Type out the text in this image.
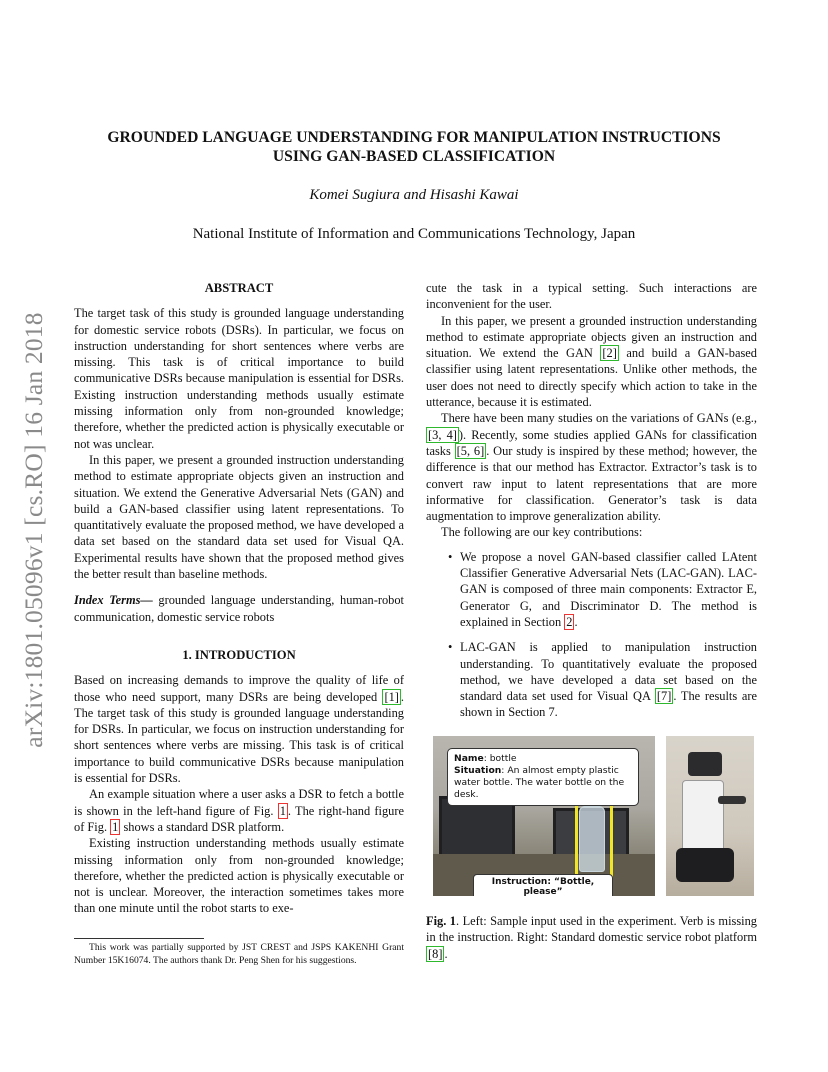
arXiv:1801.05096v1 [cs.RO] 16 Jan 2018
GROUNDED LANGUAGE UNDERSTANDING FOR MANIPULATION INSTRUCTIONS
USING GAN-BASED CLASSIFICATION
Komei Sugiura and Hisashi Kawai
National Institute of Information and Communications Technology, Japan
ABSTRACT

The target task of this study is grounded language understanding for domestic service robots (DSRs). In particular, we focus on instruction understanding for short sentences where verbs are missing. This task is of critical importance to build communicative DSRs because manipulation is essential for DSRs. Existing instruction understanding methods usually estimate missing information only from non-grounded knowledge; therefore, whether the predicted action is physically executable or not was unclear.

In this paper, we present a grounded instruction understanding method to estimate appropriate objects given an instruction and situation. We extend the Generative Adversarial Nets (GAN) and build a GAN-based classifier using latent representations. To quantitatively evaluate the proposed method, we have developed a data set based on the standard data set used for Visual QA. Experimental results have shown that the proposed method gives the better result than baseline methods.

Index Terms— grounded language understanding, human-robot communication, domestic service robots

1. INTRODUCTION

Based on increasing demands to improve the quality of life of those who need support, many DSRs are being developed [1] . The target task of this study is grounded language understanding for DSRs. In particular, we focus on instruction understanding for short sentences where verbs are missing. This task is of critical importance to build communicative DSRs because manipulation is essential for DSRs.

An example situation where a user asks a DSR to fetch a bottle is shown in the left-hand figure of Fig. 1 . The right-hand figure of Fig. 1 shows a standard DSR platform.

Existing instruction understanding methods usually estimate missing information only from non-grounded knowledge; therefore, whether the predicted action is physically executable or not is unclear. Moreover, the interaction sometimes takes more than one minute until the robot starts to exe-

This work was partially supported by JST CREST and JSPS KAKENHI Grant Number 15K16074. The authors thank Dr. Peng Shen for his suggestions.

cute the task in a typical setting. Such interactions are inconvenient for the user.

In this paper, we present a grounded instruction understanding method to estimate appropriate objects given an instruction and situation. We extend the GAN [2] and build a GAN-based classifier using latent representations. Unlike other methods, the user does not need to directly specify which action to take in the utterance, because it is estimated.

There have been many studies on the variations of GANs (e.g., [3, 4] ). Recently, some studies applied GANs for classification tasks [5, 6] . Our study is inspired by these method; however, the difference is that our method has Extractor. Extractor’s task is to convert raw input to latent representations that are more informative for classification. Generator’s task is data augmentation to improve generalization ability.

The following are our key contributions:

• We propose a novel GAN-based classifier called LAtent Classifier Generative Adversarial Nets (LAC-GAN). LAC-GAN is composed of three main components: Extractor E, Generator G, and Discriminator D. The method is explained in Section 2 .
• LAC-GAN is applied to manipulation instruction understanding. To quantitatively evaluate the proposed method, we have developed a data set based on the standard data set used for Visual QA [7] . The results are shown in Section 7.
Name: bottle
Situation: An almost empty plastic water bottle. The water bottle on the desk.
Instruction: “Bottle, please”
Fig. 1. Left: Sample input used in the experiment. Verb is missing in the instruction. Right: Standard domestic service robot platform [8] .
